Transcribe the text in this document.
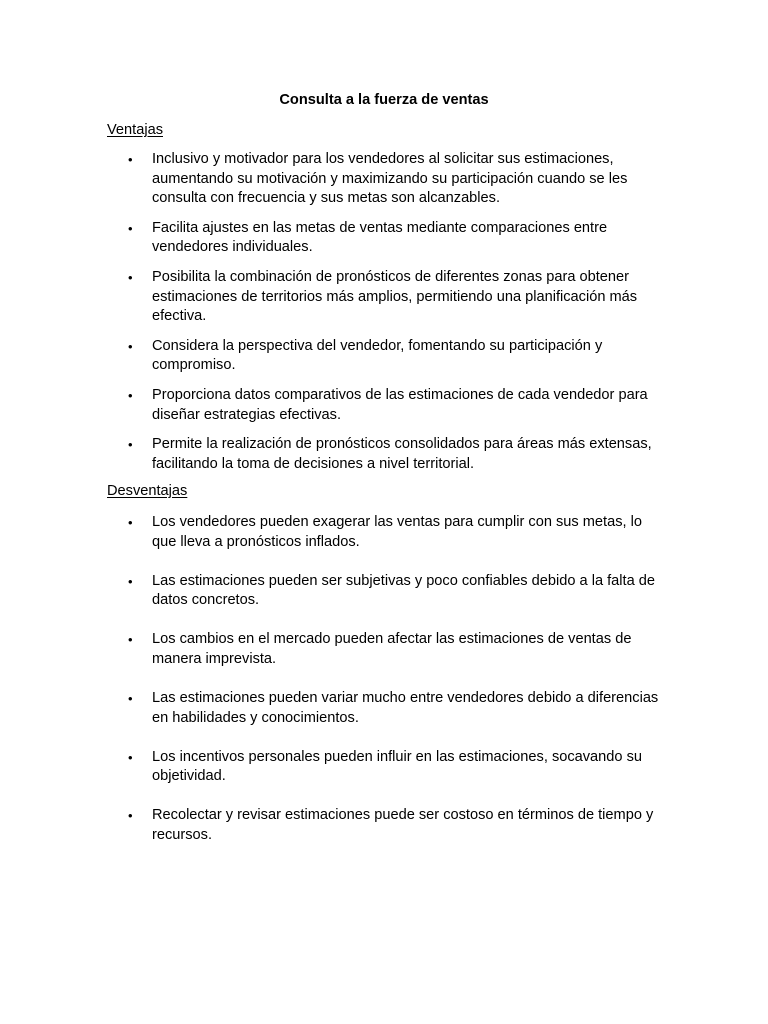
Consulta a la fuerza de ventas
Ventajas
• Inclusivo y motivador para los vendedores al solicitar sus estimaciones, aumentando su motivación y maximizando su participación cuando se les consulta con frecuencia y sus metas son alcanzables.
• Facilita ajustes en las metas de ventas mediante comparaciones entre vendedores individuales.
• Posibilita la combinación de pronósticos de diferentes zonas para obtener estimaciones de territorios más amplios, permitiendo una planificación más efectiva.
• Considera la perspectiva del vendedor, fomentando su participación y compromiso.
• Proporciona datos comparativos de las estimaciones de cada vendedor para diseñar estrategias efectivas.
• Permite la realización de pronósticos consolidados para áreas más extensas, facilitando la toma de decisiones a nivel territorial.
Desventajas
• Los vendedores pueden exagerar las ventas para cumplir con sus metas, lo que lleva a pronósticos inflados.
• Las estimaciones pueden ser subjetivas y poco confiables debido a la falta de datos concretos.
• Los cambios en el mercado pueden afectar las estimaciones de ventas de manera imprevista.
• Las estimaciones pueden variar mucho entre vendedores debido a diferencias en habilidades y conocimientos.
• Los incentivos personales pueden influir en las estimaciones, socavando su objetividad.
• Recolectar y revisar estimaciones puede ser costoso en términos de tiempo y recursos.
